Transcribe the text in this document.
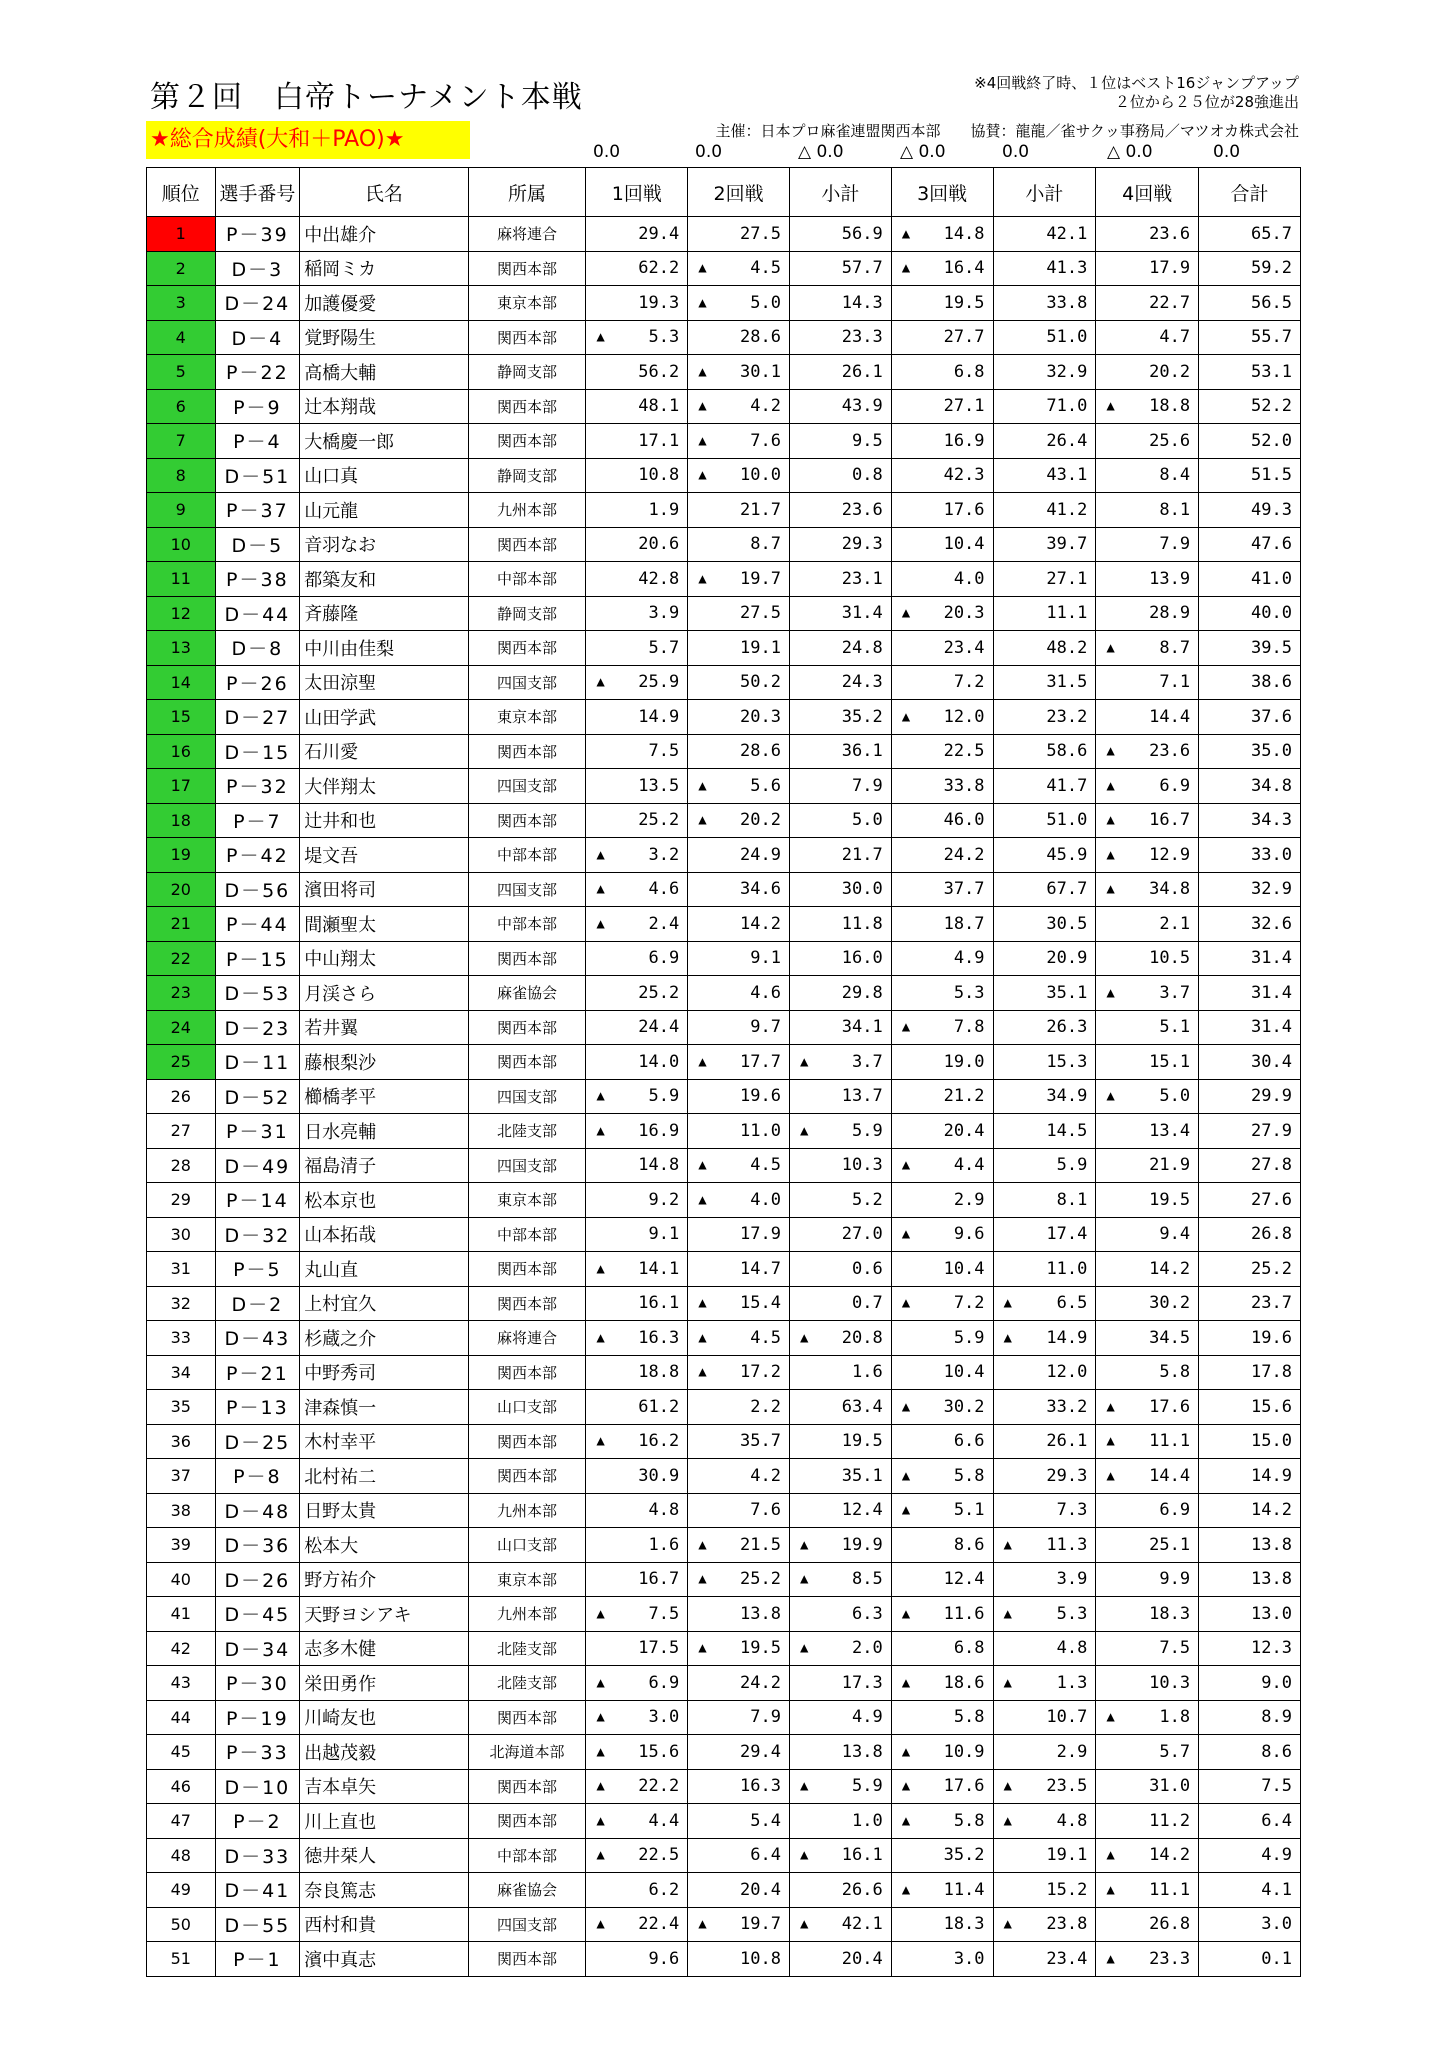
第２回　白帝トーナメント本戦	※4回戦終了時、１位はベスト16ジャンプアップ
２位から２５位が28強進出
★総合成績(大和＋PAO)★	主催：日本プロ麻雀連盟関西本部　　協賛：龍龍／雀サクッ事務局／マツオカ株式会社
0.0	0.0	△ 0.0	△ 0.0	0.0	△ 0.0	0.0
順位	選手番号	氏名	所属	1回戦	2回戦	小計	3回戦	小計	4回戦	合計
1	P－39	中出雄介	麻将連合	29.4	27.5	56.9	▲ 14.8	42.1	23.6	65.7
2	D－3	稲岡ミカ	関西本部	62.2	▲ 4.5	57.7	▲ 16.4	41.3	17.9	59.2
3	D－24	加護優愛	東京本部	19.3	▲ 5.0	14.3	19.5	33.8	22.7	56.5
4	D－4	覚野陽生	関西本部	▲ 5.3	28.6	23.3	27.7	51.0	4.7	55.7
5	P－22	高橋大輔	静岡支部	56.2	▲ 30.1	26.1	6.8	32.9	20.2	53.1
6	P－9	辻本翔哉	関西本部	48.1	▲ 4.2	43.9	27.1	71.0	▲ 18.8	52.2
7	P－4	大橋慶一郎	関西本部	17.1	▲ 7.6	9.5	16.9	26.4	25.6	52.0
8	D－51	山口真	静岡支部	10.8	▲ 10.0	0.8	42.3	43.1	8.4	51.5
9	P－37	山元龍	九州本部	1.9	21.7	23.6	17.6	41.2	8.1	49.3
10	D－5	音羽なお	関西本部	20.6	8.7	29.3	10.4	39.7	7.9	47.6
11	P－38	都築友和	中部本部	42.8	▲ 19.7	23.1	4.0	27.1	13.9	41.0
12	D－44	斉藤隆	静岡支部	3.9	27.5	31.4	▲ 20.3	11.1	28.9	40.0
13	D－8	中川由佳梨	関西本部	5.7	19.1	24.8	23.4	48.2	▲ 8.7	39.5
14	P－26	太田涼聖	四国支部	▲ 25.9	50.2	24.3	7.2	31.5	7.1	38.6
15	D－27	山田学武	東京本部	14.9	20.3	35.2	▲ 12.0	23.2	14.4	37.6
16	D－15	石川愛	関西本部	7.5	28.6	36.1	22.5	58.6	▲ 23.6	35.0
17	P－32	大伴翔太	四国支部	13.5	▲ 5.6	7.9	33.8	41.7	▲ 6.9	34.8
18	P－7	辻井和也	関西本部	25.2	▲ 20.2	5.0	46.0	51.0	▲ 16.7	34.3
19	P－42	堤文吾	中部本部	▲ 3.2	24.9	21.7	24.2	45.9	▲ 12.9	33.0
20	D－56	濱田将司	四国支部	▲ 4.6	34.6	30.0	37.7	67.7	▲ 34.8	32.9
21	P－44	間瀬聖太	中部本部	▲ 2.4	14.2	11.8	18.7	30.5	2.1	32.6
22	P－15	中山翔太	関西本部	6.9	9.1	16.0	4.9	20.9	10.5	31.4
23	D－53	月渓さら	麻雀協会	25.2	4.6	29.8	5.3	35.1	▲ 3.7	31.4
24	D－23	若井翼	関西本部	24.4	9.7	34.1	▲ 7.8	26.3	5.1	31.4
25	D－11	藤根梨沙	関西本部	14.0	▲ 17.7	▲ 3.7	19.0	15.3	15.1	30.4
26	D－52	櫛橋孝平	四国支部	▲ 5.9	19.6	13.7	21.2	34.9	▲ 5.0	29.9
27	P－31	日水亮輔	北陸支部	▲ 16.9	11.0	▲ 5.9	20.4	14.5	13.4	27.9
28	D－49	福島清子	四国支部	14.8	▲ 4.5	10.3	▲ 4.4	5.9	21.9	27.8
29	P－14	松本京也	東京本部	9.2	▲ 4.0	5.2	2.9	8.1	19.5	27.6
30	D－32	山本拓哉	中部本部	9.1	17.9	27.0	▲ 9.6	17.4	9.4	26.8
31	P－5	丸山直	関西本部	▲ 14.1	14.7	0.6	10.4	11.0	14.2	25.2
32	D－2	上村宜久	関西本部	16.1	▲ 15.4	0.7	▲ 7.2	▲ 6.5	30.2	23.7
33	D－43	杉蔵之介	麻将連合	▲ 16.3	▲ 4.5	▲ 20.8	5.9	▲ 14.9	34.5	19.6
34	P－21	中野秀司	関西本部	18.8	▲ 17.2	1.6	10.4	12.0	5.8	17.8
35	P－13	津森慎一	山口支部	61.2	2.2	63.4	▲ 30.2	33.2	▲ 17.6	15.6
36	D－25	木村幸平	関西本部	▲ 16.2	35.7	19.5	6.6	26.1	▲ 11.1	15.0
37	P－8	北村祐二	関西本部	30.9	4.2	35.1	▲ 5.8	29.3	▲ 14.4	14.9
38	D－48	日野太貴	九州本部	4.8	7.6	12.4	▲ 5.1	7.3	6.9	14.2
39	D－36	松本大	山口支部	1.6	▲ 21.5	▲ 19.9	8.6	▲ 11.3	25.1	13.8
40	D－26	野方祐介	東京本部	16.7	▲ 25.2	▲ 8.5	12.4	3.9	9.9	13.8
41	D－45	天野ヨシアキ	九州本部	▲ 7.5	13.8	6.3	▲ 11.6	▲ 5.3	18.3	13.0
42	D－34	志多木健	北陸支部	17.5	▲ 19.5	▲ 2.0	6.8	4.8	7.5	12.3
43	P－30	栄田勇作	北陸支部	▲ 6.9	24.2	17.3	▲ 18.6	▲ 1.3	10.3	9.0
44	P－19	川崎友也	関西本部	▲ 3.0	7.9	4.9	5.8	10.7	▲ 1.8	8.9
45	P－33	出越茂毅	北海道本部	▲ 15.6	29.4	13.8	▲ 10.9	2.9	5.7	8.6
46	D－10	吉本卓矢	関西本部	▲ 22.2	16.3	▲ 5.9	▲ 17.6	▲ 23.5	31.0	7.5
47	P－2	川上直也	関西本部	▲ 4.4	5.4	1.0	▲ 5.8	▲ 4.8	11.2	6.4
48	D－33	徳井栞人	中部本部	▲ 22.5	6.4	▲ 16.1	35.2	19.1	▲ 14.2	4.9
49	D－41	奈良篤志	麻雀協会	6.2	20.4	26.6	▲ 11.4	15.2	▲ 11.1	4.1
50	D－55	西村和貴	四国支部	▲ 22.4	▲ 19.7	▲ 42.1	18.3	▲ 23.8	26.8	3.0
51	P－1	濱中真志	関西本部	9.6	10.8	20.4	3.0	23.4	▲ 23.3	0.1
